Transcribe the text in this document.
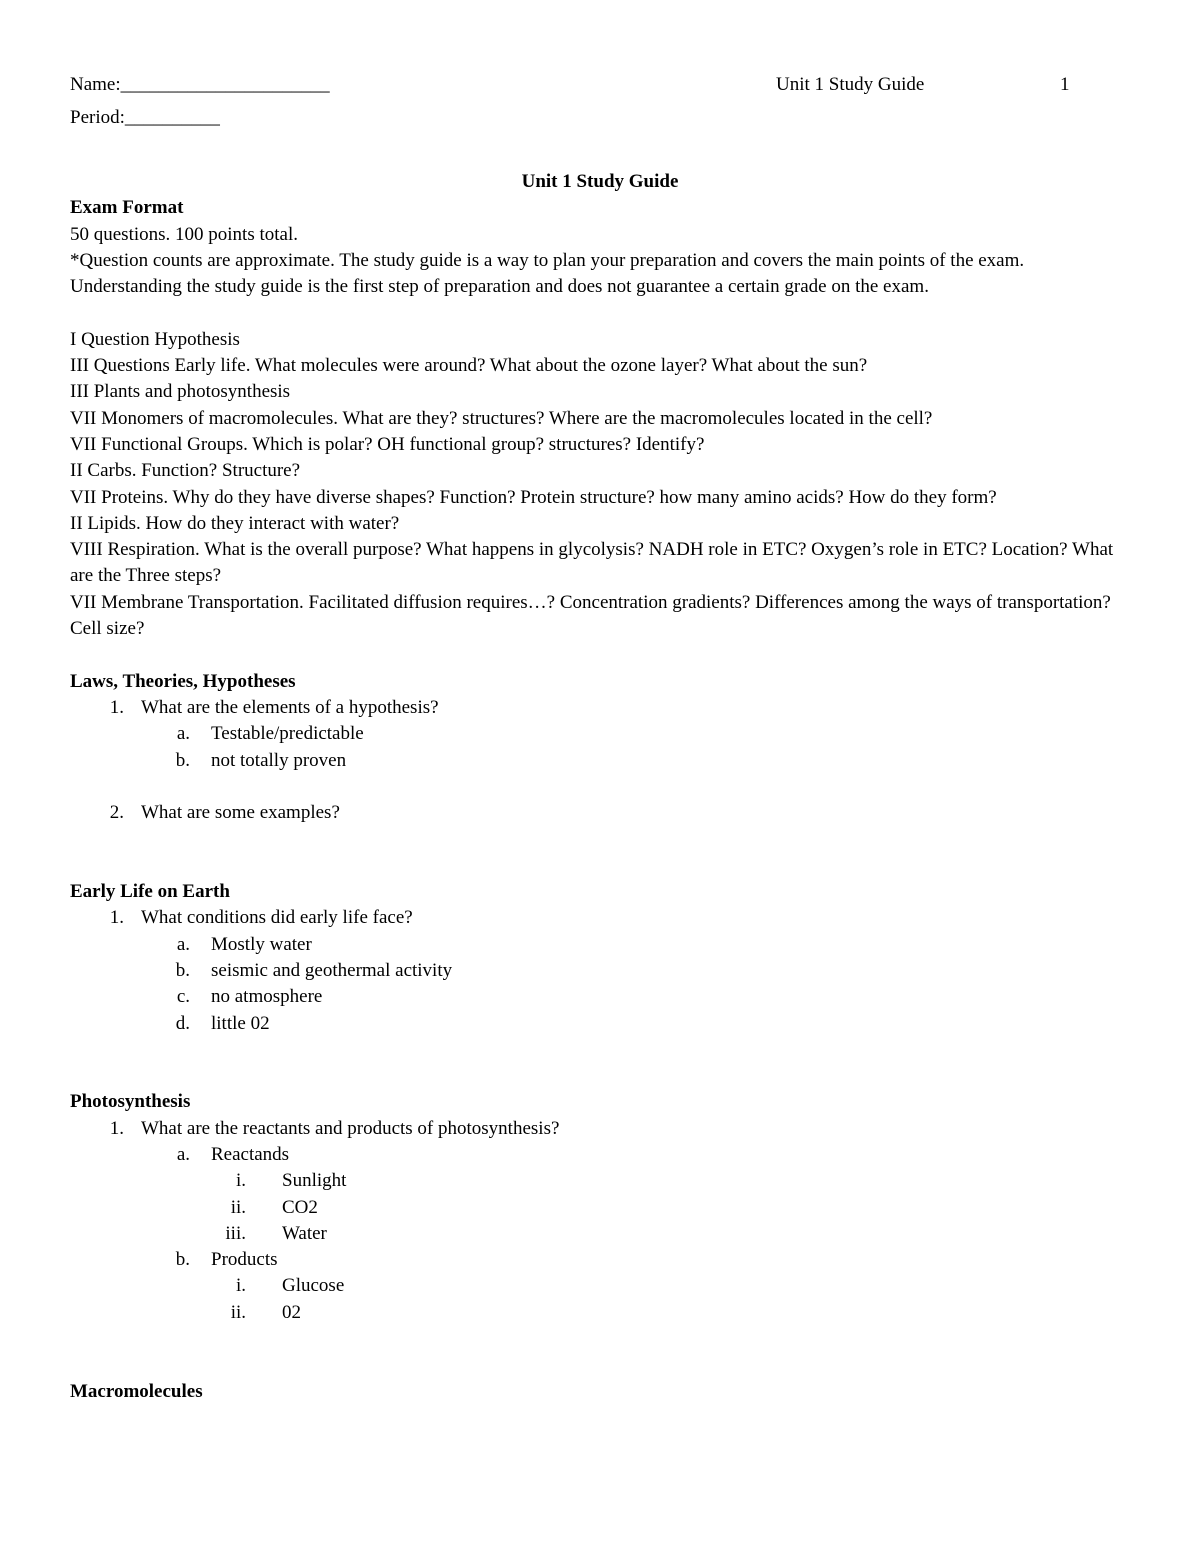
Name:______________________	Unit 1 Study Guide	1
Period:__________
Unit 1 Study Guide
Exam Format
50 questions. 100 points total.
*Question counts are approximate. The study guide is a way to plan your preparation and covers the main points of the exam. Understanding the study guide is the first step of preparation and does not guarantee a certain grade on the exam.
I Question Hypothesis
III Questions Early life. What molecules were around? What about the ozone layer? What about the sun?
III Plants and photosynthesis
VII Monomers of macromolecules. What are they? structures? Where are the macromolecules located in the cell?
VII Functional Groups. Which is polar? OH functional group? structures? Identify?
II Carbs. Function? Structure?
VII Proteins. Why do they have diverse shapes? Function? Protein structure? how many amino acids? How do they form?
II Lipids. How do they interact with water?
VIII Respiration. What is the overall purpose? What happens in glycolysis? NADH role in ETC? Oxygen’s role in ETC? Location? What are the Three steps?
VII Membrane Transportation. Facilitated diffusion requires…? Concentration gradients? Differences among the ways of transportation? Cell size?
Laws, Theories, Hypotheses
1. What are the elements of a hypothesis?
a. Testable/predictable
b. not totally proven
2. What are some examples?
Early Life on Earth
1. What conditions did early life face?
a. Mostly water
b. seismic and geothermal activity
c. no atmosphere
d. little 02
Photosynthesis
1. What are the reactants and products of photosynthesis?
a. Reactands
i. Sunlight
ii. CO2
iii. Water
b. Products
i. Glucose
ii. 02
Macromolecules
